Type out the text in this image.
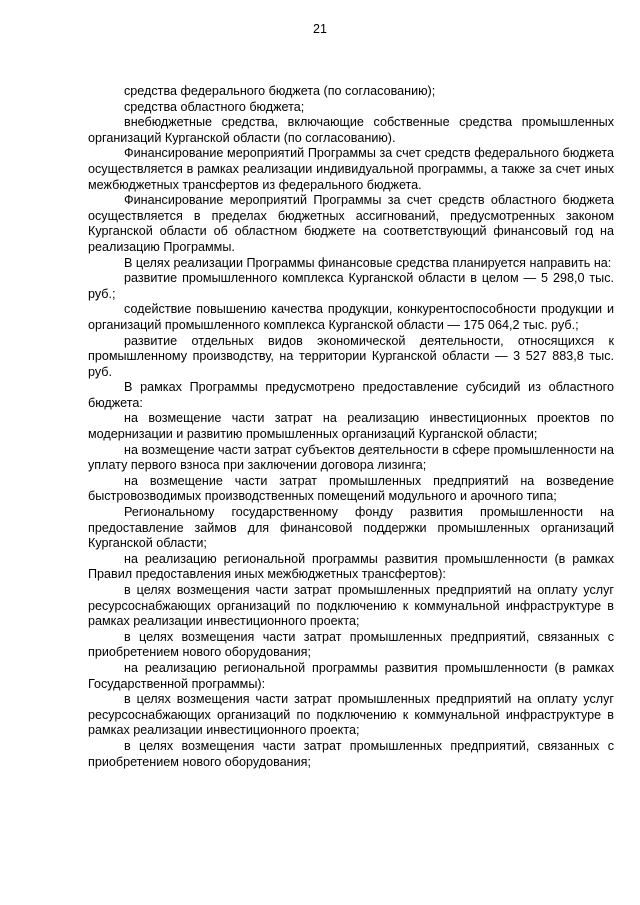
21

средства федерального бюджета (по согласованию);

средства областного бюджета;

внебюджетные средства, включающие собственные средства промышленных организаций Курганской области (по согласованию).

Финансирование мероприятий Программы за счет средств федерального бюджета осуществляется в рамках реализации индивидуальной программы, а также за счет иных межбюджетных трансфертов из федерального бюджета.

Финансирование мероприятий Программы за счет средств областного бюджета осуществляется в пределах бюджетных ассигнований, предусмотренных законом Курганской области об областном бюджете на соответствующий финансовый год на реализацию Программы.

В целях реализации Программы финансовые средства планируется направить на:

развитие промышленного комплекса Курганской области в целом — 5 298,0 тыс. руб.;

содействие повышению качества продукции, конкурентоспособности продукции и организаций промышленного комплекса Курганской области — 175 064,2 тыс. руб.;

развитие отдельных видов экономической деятельности, относящихся к промышленному производству, на территории Курганской области — 3 527 883,8 тыс. руб.

В рамках Программы предусмотрено предоставление субсидий из областного бюджета:

на возмещение части затрат на реализацию инвестиционных проектов по модернизации и развитию промышленных организаций Курганской области;

на возмещение части затрат субъектов деятельности в сфере промышленности на уплату первого взноса при заключении договора лизинга;

на возмещение части затрат промышленных предприятий на возведение быстровозводимых производственных помещений модульного и арочного типа;

Региональному государственному фонду развития промышленности на предоставление займов для финансовой поддержки промышленных организаций Курганской области;

на реализацию региональной программы развития промышленности (в рамках Правил предоставления иных межбюджетных трансфертов):

в целях возмещения части затрат промышленных предприятий на оплату услуг ресурсоснабжающих организаций по подключению к коммунальной инфраструктуре в рамках реализации инвестиционного проекта;

в целях возмещения части затрат промышленных предприятий, связанных с приобретением нового оборудования;

на реализацию региональной программы развития промышленности (в рамках Государственной программы):

в целях возмещения части затрат промышленных предприятий на оплату услуг ресурсоснабжающих организаций по подключению к коммунальной инфраструктуре в рамках реализации инвестиционного проекта;

в целях возмещения части затрат промышленных предприятий, связанных с приобретением нового оборудования;
